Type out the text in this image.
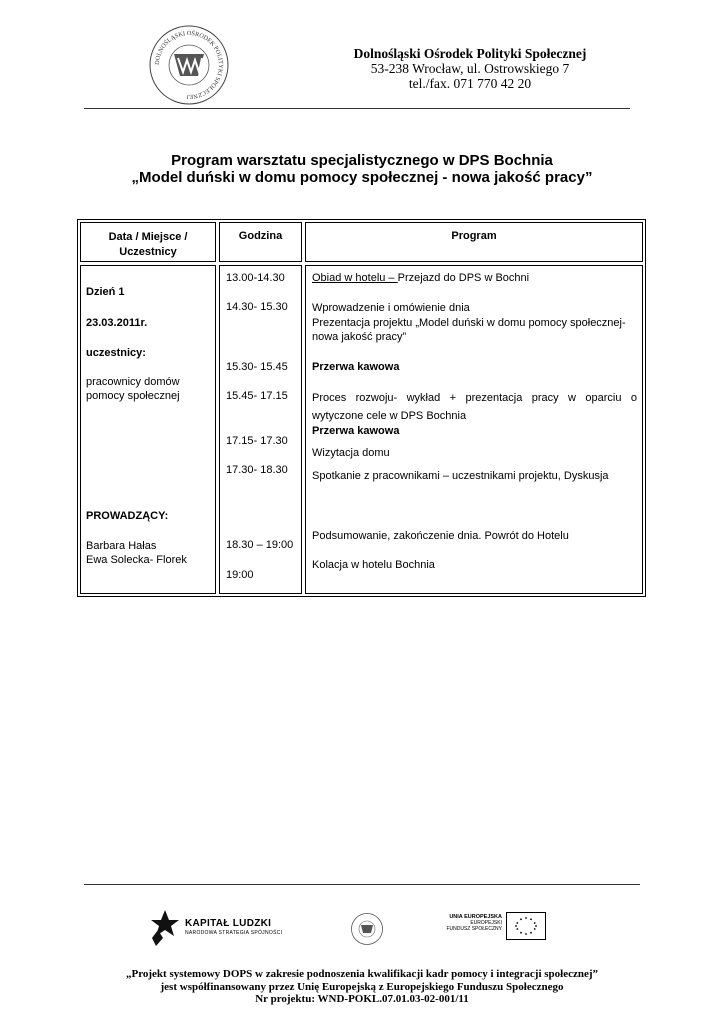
DOLNOŚLĄSKI OŚRODEK POLITYKI SPOŁECZNEJ
Dolnośląski Ośrodek Polityki Społecznej
53-238 Wrocław, ul. Ostrowskiego 7
tel./fax. 071 770 42 20
Program warsztatu specjalistycznego w DPS Bochnia
„Model duński w domu pomocy społecznej - nowa jakość pracy”
Data / Miejsce /
Uczestnicy
Godzina	Program
Dzień 1
23.03.2011r.
uczestnicy:
pracownicy domów
pomocy społecznej
PROWADZĄCY:
Barbara Hałas
Ewa Solecka- Florek
13.00-14.30
14.30- 15.30
15.30- 15.45
15.45- 17.15
17.15- 17.30
17.30- 18.30
18.30 – 19:00
19:00
Obiad w hotelu – Przejazd do DPS w Bochni
Wprowadzenie i omówienie dnia
Prezentacja projektu „Model duński w domu pomocy społecznej-
nowa jakość pracy”
Przerwa kawowa
Proces rozwoju- wykład + prezentacja pracy w oparciu o wytyczone cele w DPS Bochnia
Przerwa kawowa
Wizytacja domu
Spotkanie z pracownikami – uczestnikami projektu, Dyskusja
Podsumowanie, zakończenie dnia. Powrót do Hotelu
Kolacja w hotelu Bochnia
KAPITAŁ LUDZKI
NARODOWA STRATEGIA SPÓJNOŚCI
UNIA EUROPEJSKA
EUROPEJSKI
FUNDUSZ SPOŁECZNY
„Projekt systemowy DOPS w zakresie podnoszenia kwalifikacji kadr pomocy i integracji społecznej”
jest współfinansowany przez Unię Europejską z Europejskiego Funduszu Społecznego
Nr projektu: WND-POKL.07.01.03-02-001/11
